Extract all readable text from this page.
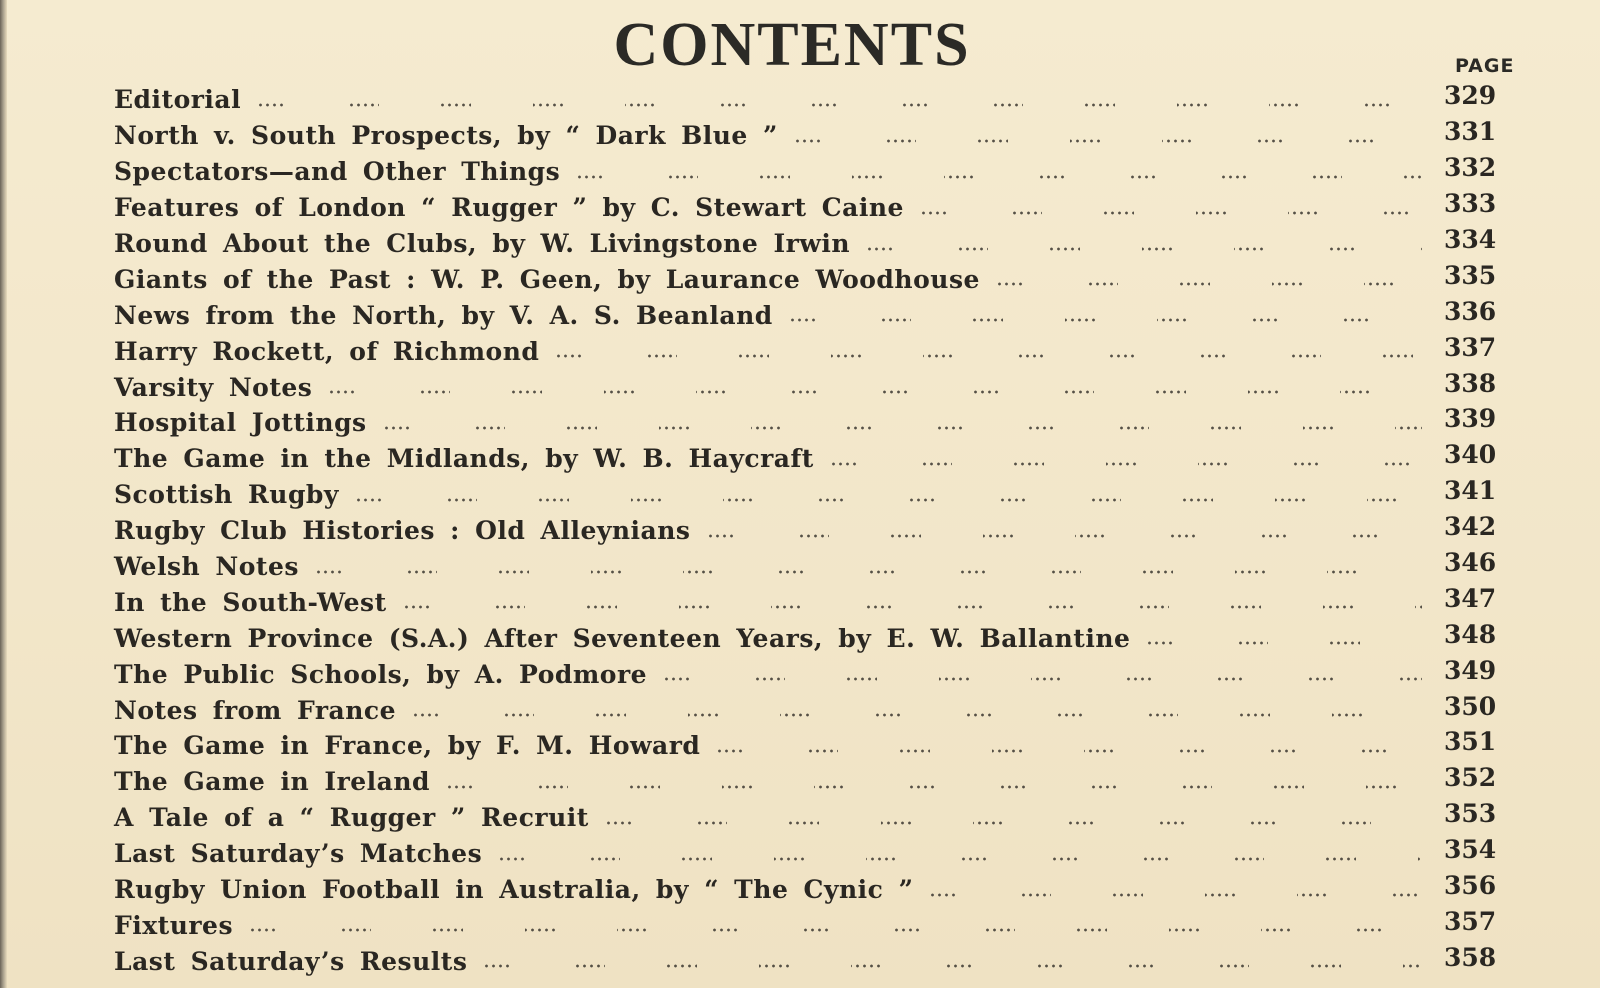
CONTENTS	PAGE
Editorial	329
North v. South Prospects, by “ Dark Blue ”	331
Spectators—and Other Things	332
Features of London “ Rugger ” by C. Stewart Caine	333
Round About the Clubs, by W. Livingstone Irwin	334
Giants of the Past : W. P. Geen, by Laurance Woodhouse	335
News from the North, by V. A. S. Beanland	336
Harry Rockett, of Richmond	337
Varsity Notes	338
Hospital Jottings	339
The Game in the Midlands, by W. B. Haycraft	340
Scottish Rugby	341
Rugby Club Histories : Old Alleynians	342
Welsh Notes	346
In the South-West	347
Western Province (S.A.) After Seventeen Years, by E. W. Ballantine	348
The Public Schools, by A. Podmore	349
Notes from France	350
The Game in France, by F. M. Howard	351
The Game in Ireland	352
A Tale of a “ Rugger ” Recruit	353
Last Saturday’s Matches	354
Rugby Union Football in Australia, by “ The Cynic ”	356
Fixtures	357
Last Saturday’s Results	358
